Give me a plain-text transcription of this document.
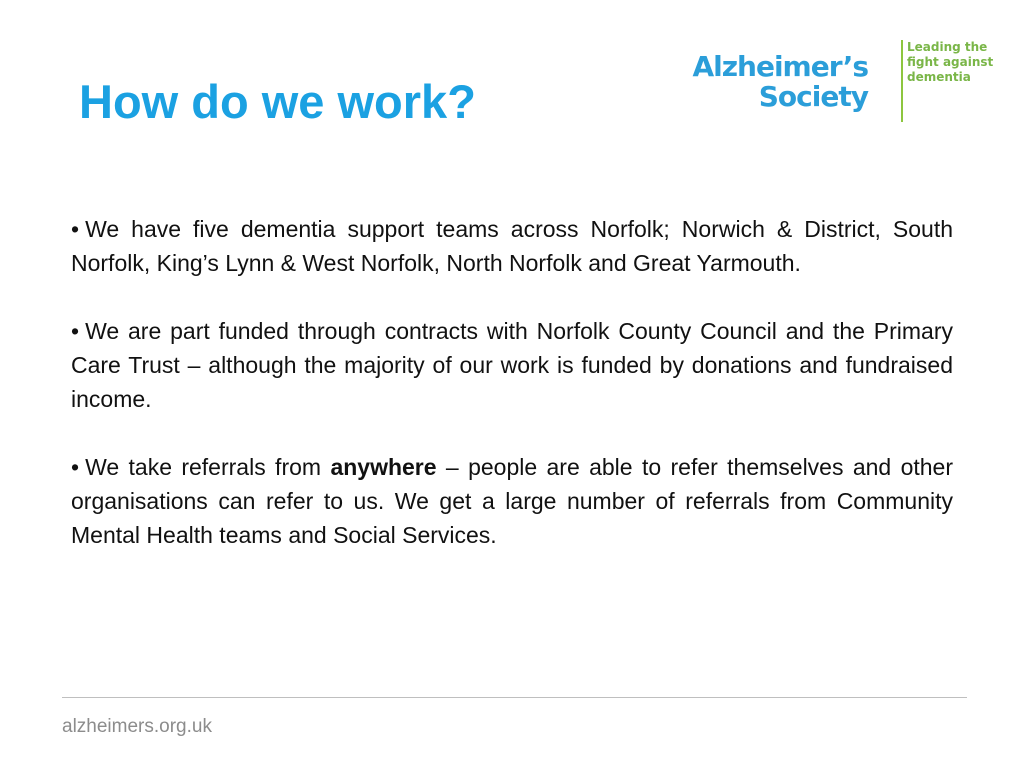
How do we work?
Alzheimer’s
Society
Leading the
fight against
dementia

• We have five dementia support teams across Norfolk; Norwich & District, South Norfolk, King’s Lynn & West Norfolk, North Norfolk and Great Yarmouth.

• We are part funded through contracts with Norfolk County Council and the Primary Care Trust – although the majority of our work is funded by donations and fundraised income.

• We take referrals from anywhere – people are able to refer themselves and other organisations can refer to us. We get a large number of referrals from Community Mental Health teams and Social Services.

alzheimers.org.uk
